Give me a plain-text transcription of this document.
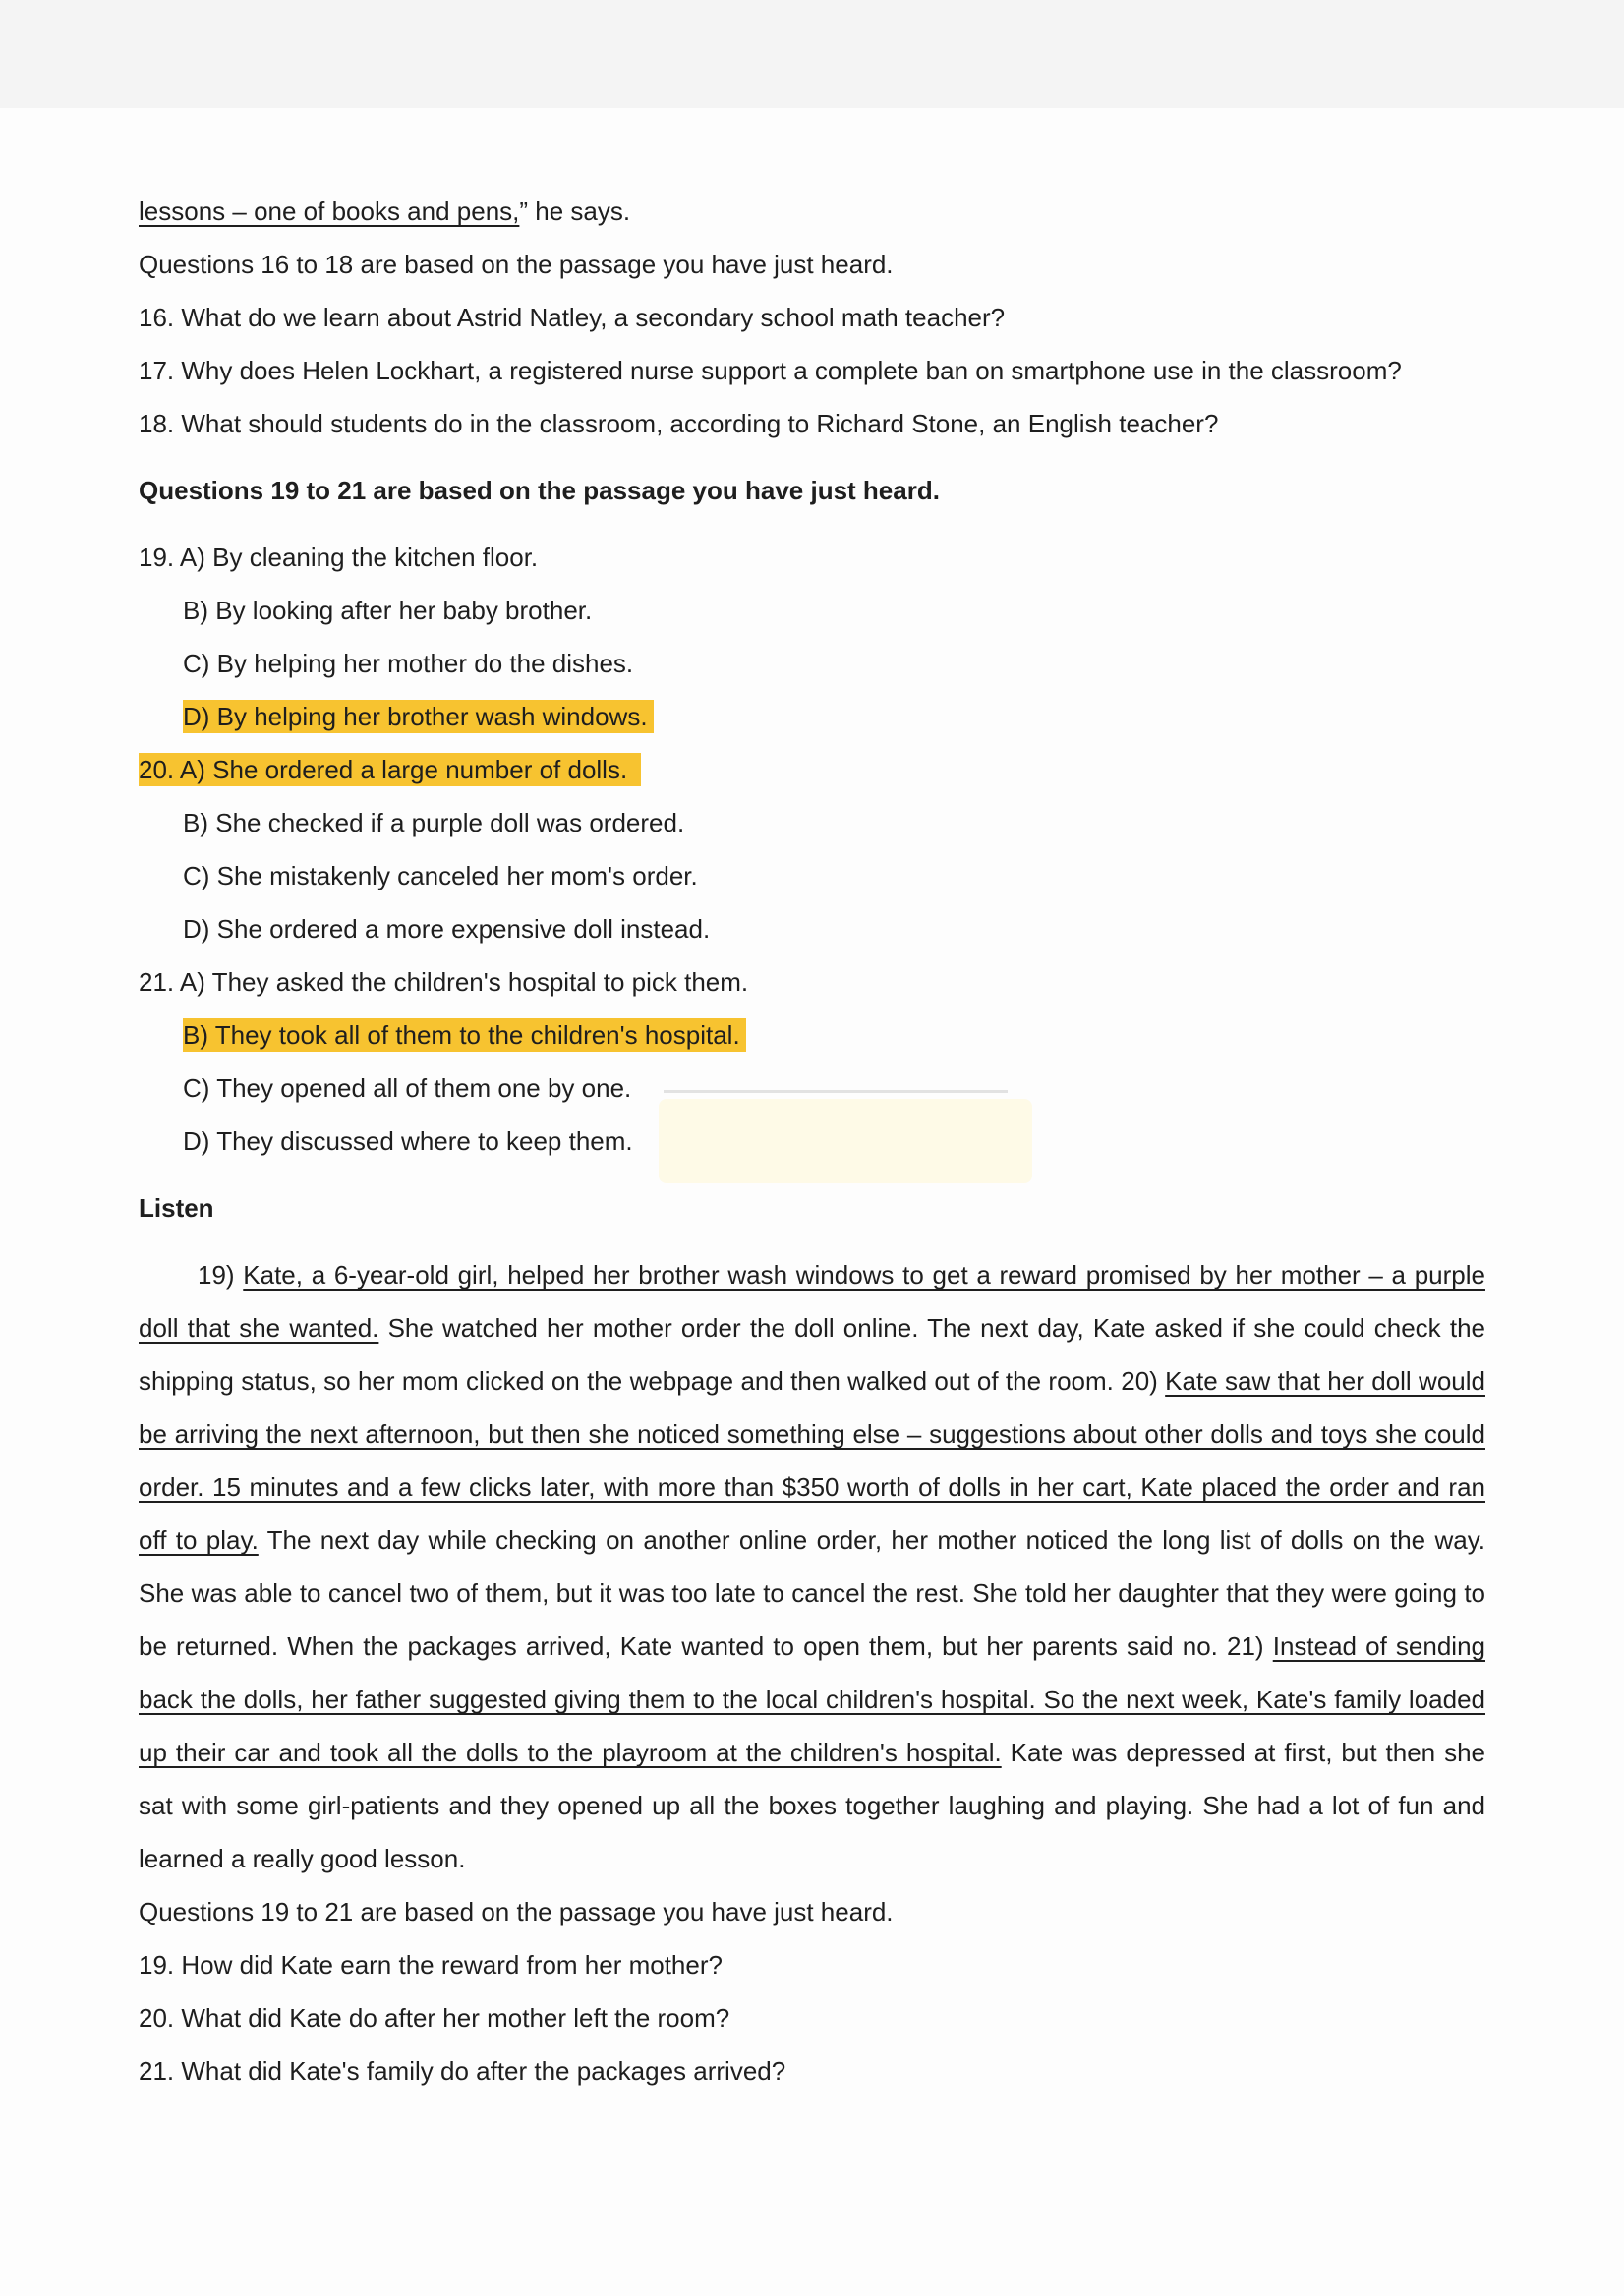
lessons – one of books and pens,” he says.

Questions 16 to 18 are based on the passage you have just heard.

16. What do we learn about Astrid Natley, a secondary school math teacher?

17. Why does Helen Lockhart, a registered nurse support a complete ban on smartphone use in the classroom?

18. What should students do in the classroom, according to Richard Stone, an English teacher?

Questions 19 to 21 are based on the passage you have just heard.

19. A) By cleaning the kitchen floor.

B) By looking after her baby brother.

C) By helping her mother do the dishes.

D) By helping her brother wash windows.

20. A) She ordered a large number of dolls.

B) She checked if a purple doll was ordered.

C) She mistakenly canceled her mom's order.

D) She ordered a more expensive doll instead.

21. A) They asked the children's hospital to pick them.

B) They took all of them to the children's hospital.

C) They opened all of them one by one.

D) They discussed where to keep them.

Listen

19) Kate, a 6-year-old girl, helped her brother wash windows to get a reward promised by her mother – a purple doll that she wanted. She watched her mother order the doll online. The next day, Kate asked if she could check the shipping status, so her mom clicked on the webpage and then walked out of the room. 20) Kate saw that her doll would be arriving the next afternoon, but then she noticed something else – suggestions about other dolls and toys she could order. 15 minutes and a few clicks later, with more than $350 worth of dolls in her cart, Kate placed the order and ran off to play. The next day while checking on another online order, her mother noticed the long list of dolls on the way. She was able to cancel two of them, but it was too late to cancel the rest. She told her daughter that they were going to be returned. When the packages arrived, Kate wanted to open them, but her parents said no. 21) Instead of sending back the dolls, her father suggested giving them to the local children's hospital. So the next week, Kate's family loaded up their car and took all the dolls to the playroom at the children's hospital. Kate was depressed at first, but then she sat with some girl-patients and they opened up all the boxes together laughing and playing. She had a lot of fun and learned a really good lesson.

Questions 19 to 21 are based on the passage you have just heard.

19. How did Kate earn the reward from her mother?

20. What did Kate do after her mother left the room?

21. What did Kate's family do after the packages arrived?
